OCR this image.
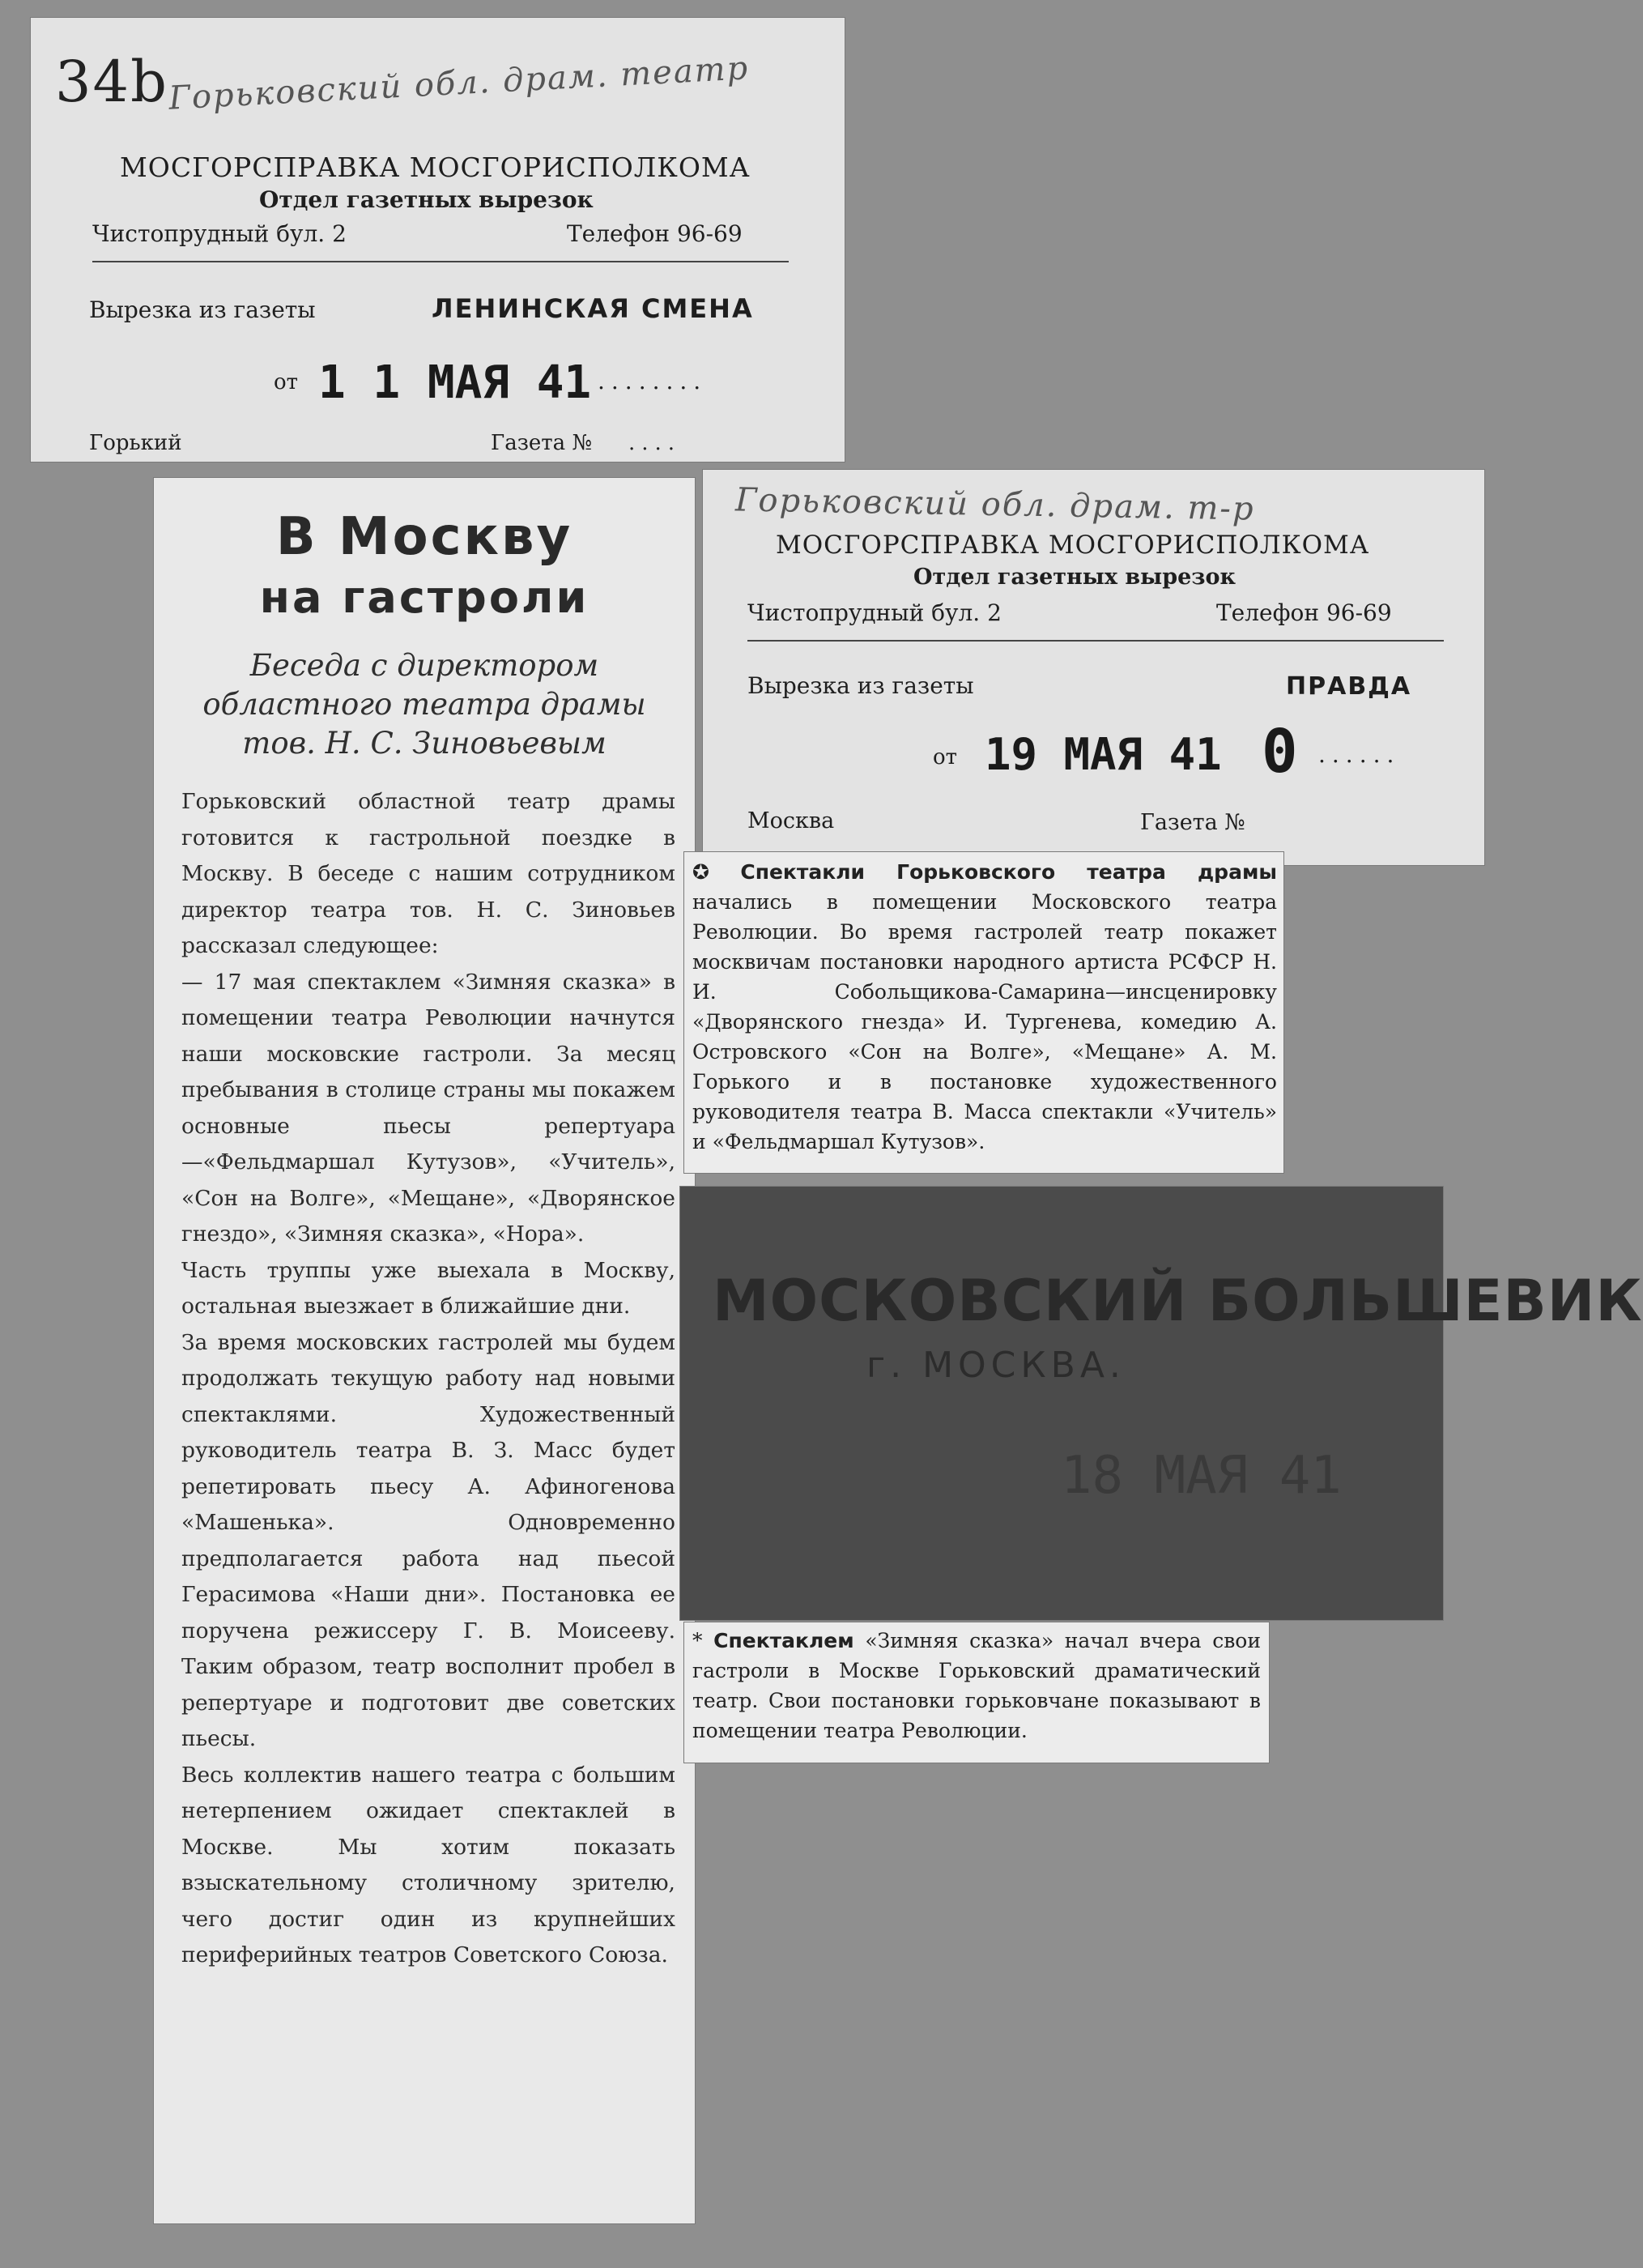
34b Горьковский обл. драм. театр
МОСГОРСПРАВКА МОСГОРИСПОЛКОМА
Отдел газетных вырезок
Чистопрудный бул. 2	Телефон 96-69
Вырезка из газеты	ЛЕНИНСКАЯ СМЕНА
от 1 1 МАЯ 41 ........
Горький	Газета № ....
Горьковский обл. драм. т-р
МОСГОРСПРАВКА МОСГОРИСПОЛКОМА
Отдел газетных вырезок
Чистопрудный бул. 2	Телефон 96-69
Вырезка из газеты	ПРАВДА
от 19 МАЯ 41 0 ......
Москва	Газета №
В Москву
на гастроли
Беседа с директором
областного театра драмы
тов. Н. С. Зиновьевым
Горьковский областной театр драмы готовится к гастрольной поездке в Москву. В беседе с нашим сотрудником директор театра тов. Н. С. Зиновьев рассказал следующее:
— 17 мая спектаклем «Зимняя сказка» в помещении театра Революции начнутся наши московские гастроли. За месяц пребывания в столице страны мы покажем основные пьесы репертуара—«Фельдмаршал Кутузов», «Учитель», «Сон на Волге», «Мещане», «Дворянское гнездо», «Зимняя сказка», «Нора».
Часть труппы уже выехала в Москву, остальная выезжает в ближайшие дни.
За время московских гастролей мы будем продолжать текущую работу над новыми спектаклями. Художественный руководитель театра В. З. Масс будет репетировать пьесу А. Афиногенова «Машенька». Одновременно предполагается работа над пьесой Герасимова «Наши дни». Постановка ее поручена режиссеру Г. В. Моисееву. Таким образом, театр восполнит пробел в репертуаре и подготовит две советских пьесы.
Весь коллектив нашего театра с большим нетерпением ожидает спектаклей в Москве. Мы хотим показать взыскательному столичному зрителю, чего достиг один из крупнейших периферийных театров Советского Союза.
✪ Спектакли Горьковского театра драмы начались в помещении Московского театра Революции. Во время гастролей театр покажет москвичам постановки народного артиста РСФСР Н. И. Собольщикова-Самарина—инсценировку «Дворянского гнезда» И. Тургенева, комедию А. Островского «Сон на Волге», «Мещане» А. М. Горького и в постановке художественного руководителя театра В. Масса спектакли «Учитель» и «Фельдмаршал Кутузов».
МОСКОВСКИЙ БОЛЬШЕВИК
г. МОСКВА.
18 МАЯ 41
* Спектаклем «Зимняя сказка» начал вчера свои гастроли в Москве Горьковский драматический театр. Свои постановки горьковчане показывают в помещении театра Революции.
